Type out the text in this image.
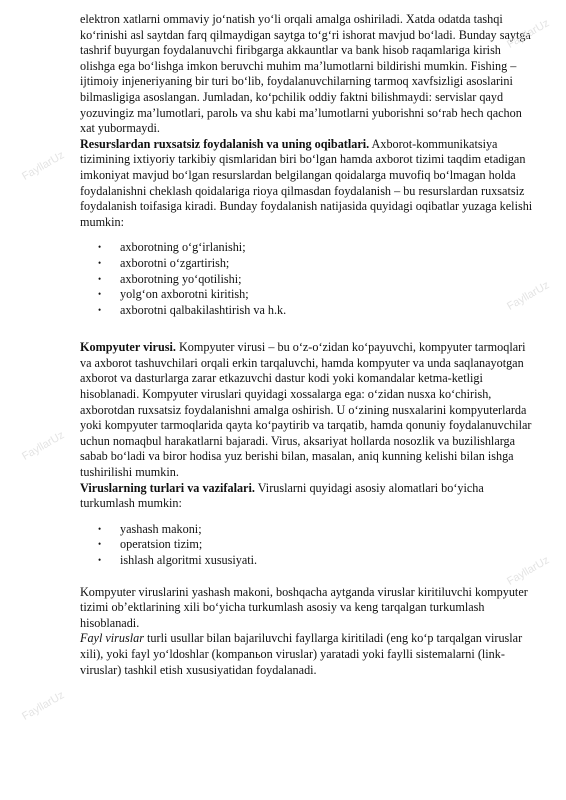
elektron xatlarni ommaviy jo‘natish yo‘li orqali amalga oshiriladi. Xatda odatda tashqi ko‘rinishi asl saytdan farq qilmaydigan saytga to‘g‘ri ishorat mavjud bo‘ladi. Bunday saytga tashrif buyurgan foydalanuvchi firibgarga akkauntlar va bank hisob raqamlariga kirish olishga ega bo‘lishga imkon beruvchi muhim ma’lumotlarni bildirishi mumkin. Fishing – ijtimoiy injeneriyaning bir turi bo‘lib, foydalanuvchilarning tarmoq xavfsizligi asoslarini bilmasligiga asoslangan. Jumladan, ko‘pchilik oddiy faktni bilishmaydi: servislar qayd yozuvingiz ma’lumotlari, parolь va shu kabi ma’lumotlarni yuborishni so‘rab hech qachon xat yubormaydi.

Resurslardan ruxsatsiz foydalanish va uning oqibatlari. Axborot-kommunikatsiya tizimining ixtiyoriy tarkibiy qismlaridan biri bo‘lgan hamda axborot tizimi taqdim etadigan imkoniyat mavjud bo‘lgan resurslardan belgilangan qoidalarga muvofiq bo‘lmagan holda foydalanishni cheklash qoidalariga rioya qilmasdan foydalanish – bu resurslardan ruxsatsiz foydalanish toifasiga kiradi. Bunday foydalanish natijasida quyidagi oqibatlar yuzaga kelishi mumkin:

• axborotning o‘g‘irlanishi;
• axborotni o‘zgartirish;
• axborotning yo‘qotilishi;
• yolg‘on axborotni kiritish;
• axborotni qalbakilashtirish va h.k.

Kompyuter virusi. Kompyuter virusi – bu o‘z-o‘zidan ko‘payuvchi, kompyuter tarmoqlari va axborot tashuvchilari orqali erkin tarqaluvchi, hamda kompyuter va unda saqlanayotgan axborot va dasturlarga zarar etkazuvchi dastur kodi yoki komandalar ketma-ketligi hisoblanadi. Kompyuter viruslari quyidagi xossalarga ega: o‘zidan nusxa ko‘chirish, axborotdan ruxsatsiz foydalanishni amalga oshirish. U o‘zining nusxalarini kompyuterlarda yoki kompyuter tarmoqlarida qayta ko‘paytirib va tarqatib, hamda qonuniy foydalanuvchilar uchun nomaqbul harakatlarni bajaradi. Virus, aksariyat hollarda nosozlik va buzilishlarga sabab bo‘ladi va biror hodisa yuz berishi bilan, masalan, aniq kunning kelishi bilan ishga tushirilishi mumkin.

Viruslarning turlari va vazifalari. Viruslarni quyidagi asosiy alomatlari bo‘yicha turkumlash mumkin:

• yashash makoni;
• operatsion tizim;
• ishlash algoritmi xususiyati.

Kompyuter viruslarini yashash makoni, boshqacha aytganda viruslar kiritiluvchi kompyuter tizimi ob’ektlarining xili bo‘yicha turkumlash asosiy va keng tarqalgan turkumlash hisoblanadi.

Fayl viruslar turli usullar bilan bajariluvchi fayllarga kiritiladi (eng ko‘p tarqalgan viruslar xili), yoki fayl yo‘ldoshlar (kompanьon viruslar) yaratadi yoki faylli sistemalarni (link-viruslar) tashkil etish xususiyatidan foydalanadi.

FayllarUz
FayllarUz
FayllarUz
FayllarUz
FayllarUz
FayllarUz
